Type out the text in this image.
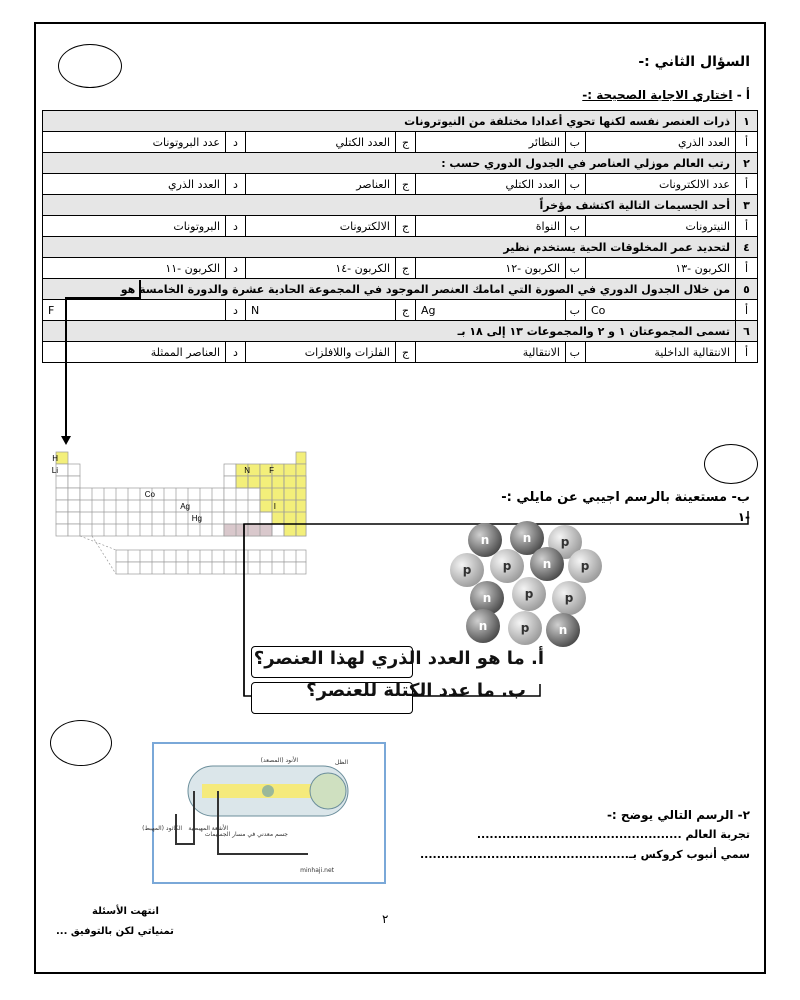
السؤال الثاني :-
أ - اختاري الاجابة الصحيحة :-
١	ذرات العنصر نفسه لكنها تحوي أعدادا مختلفة من النيوترونات						
أ	العدد الذري	ب	النظائر	ج	العدد الكتلي	د	عدد البروتونات
٢	رتب العالم موزلي العناصر في الجدول الدوري حسب :						
أ	عدد الالكترونات	ب	العدد الكتلي	ج	العناصر	د	العدد الذري
٣	أحد الجسيمات التالية اكتشف مؤخراً						
أ	النيترونات	ب	النواة	ج	الالكترونات	د	البروتونات
٤	لتحديد عمر المخلوقات الحية يستخدم نظير						
أ	الكربون -١٣	ب	الكربون -١٢	ج	الكربون -١٤	د	الكربون -١١
٥	من خلال الجدول الدوري في الصورة التي امامك العنصر الموجود في المجموعة الحادية عشرة والدورة الخامسة هو						
أ	Co	ب	Ag	ج	N	د	F
٦	تسمى المجموعتان ١ و ٢ والمجموعات ١٣ إلى ١٨ بـ						
أ	الانتقالية الداخلية	ب	الانتقالية	ج	الفلزات واللافلزات	د	العناصر الممثلة
H
Li	N F
Co
Ag	I
Hg
ب- مستعينة بالرسم اجيبي عن مايلي :-
-١
n	n p
p	p	n p
n	p	p
n	p n
أ. ما هو العدد الذري لهذا العنصر؟
ب. ما عدد الكتلة للعنصر؟
الظل
الأنود (المصعد)
الكاثود (المهبط) الأشعة المهبطية
جسم معدني في مسار الجسيمات
minhaji.net
٢- الرسم التالي يوضح :-
تجربة العالم .................................................
سمي أنبوب كروكس بـ..................................................
٢
انتهت الأسئلة
تمنياتي لكن بالتوفيق ...
